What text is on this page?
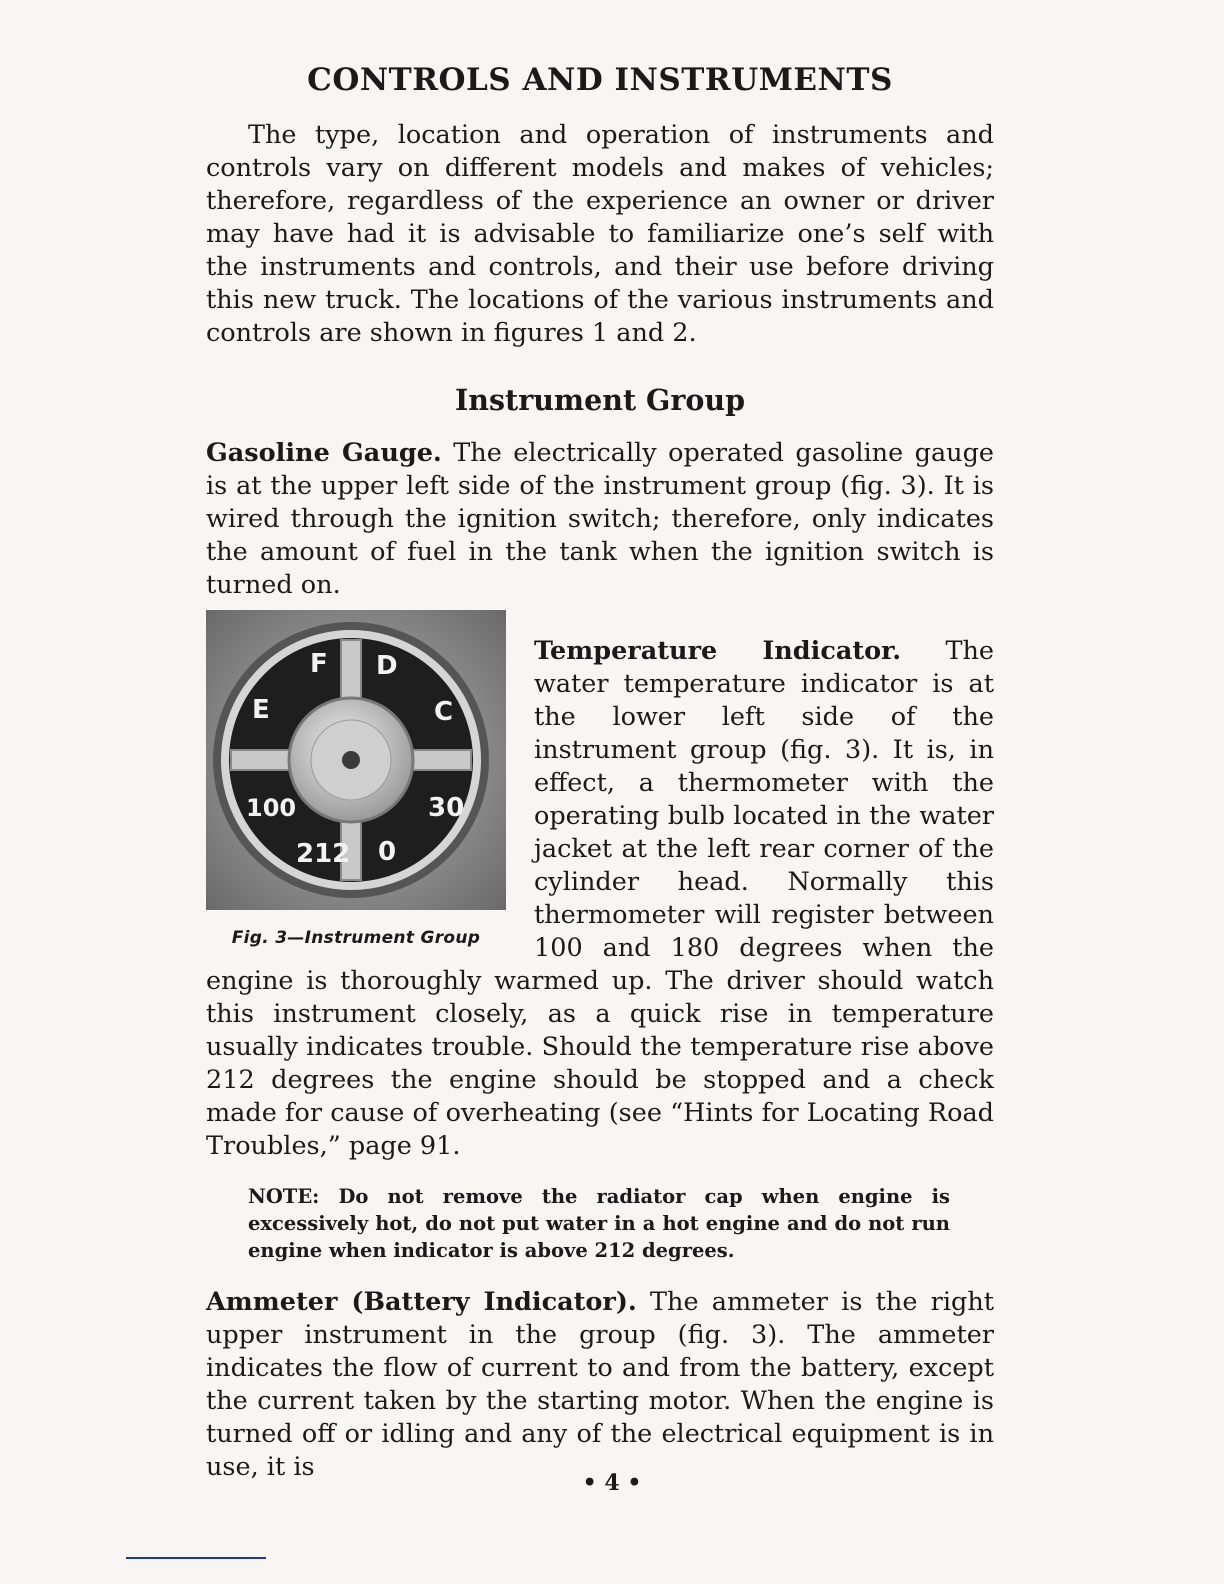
CONTROLS AND INSTRUMENTS

The type, location and operation of instruments and controls vary on different models and makes of vehicles; therefore, regardless of the experience an owner or driver may have had it is advisable to familiarize one’s self with the instruments and controls, and their use before driving this new truck. The locations of the various instruments and controls are shown in figures 1 and 2.

Instrument Group

Gasoline Gauge. The electrically operated gasoline gauge is at the upper left side of the instrument group (fig. 3). It is wired through the ignition switch; therefore, only indicates the amount of fuel in the tank when the ignition switch is turned on.

E
F D
C
30
0
212
100
Fig. 3—Instrument Group

Temperature Indicator. The water temperature indicator is at the lower left side of the instrument group (fig. 3). It is, in effect, a thermometer with the operating bulb located in the water jacket at the left rear corner of the cylinder head. Normally this thermometer will register between 100 and 180 degrees when the engine is thoroughly warmed up. The driver should watch this instrument closely, as a quick rise in temperature usually indicates trouble. Should the temperature rise above 212 degrees the engine should be stopped and a check made for cause of overheating (see “Hints for Locating Road Troubles,” page 91.

NOTE: Do not remove the radiator cap when engine is excessively hot, do not put water in a hot engine and do not run engine when indicator is above 212 degrees.

Ammeter (Battery Indicator). The ammeter is the right upper instrument in the group (fig. 3). The ammeter indicates the flow of current to and from the battery, except the current taken by the starting motor. When the engine is turned off or idling and any of the electrical equipment is in use, it is

• 4 •
